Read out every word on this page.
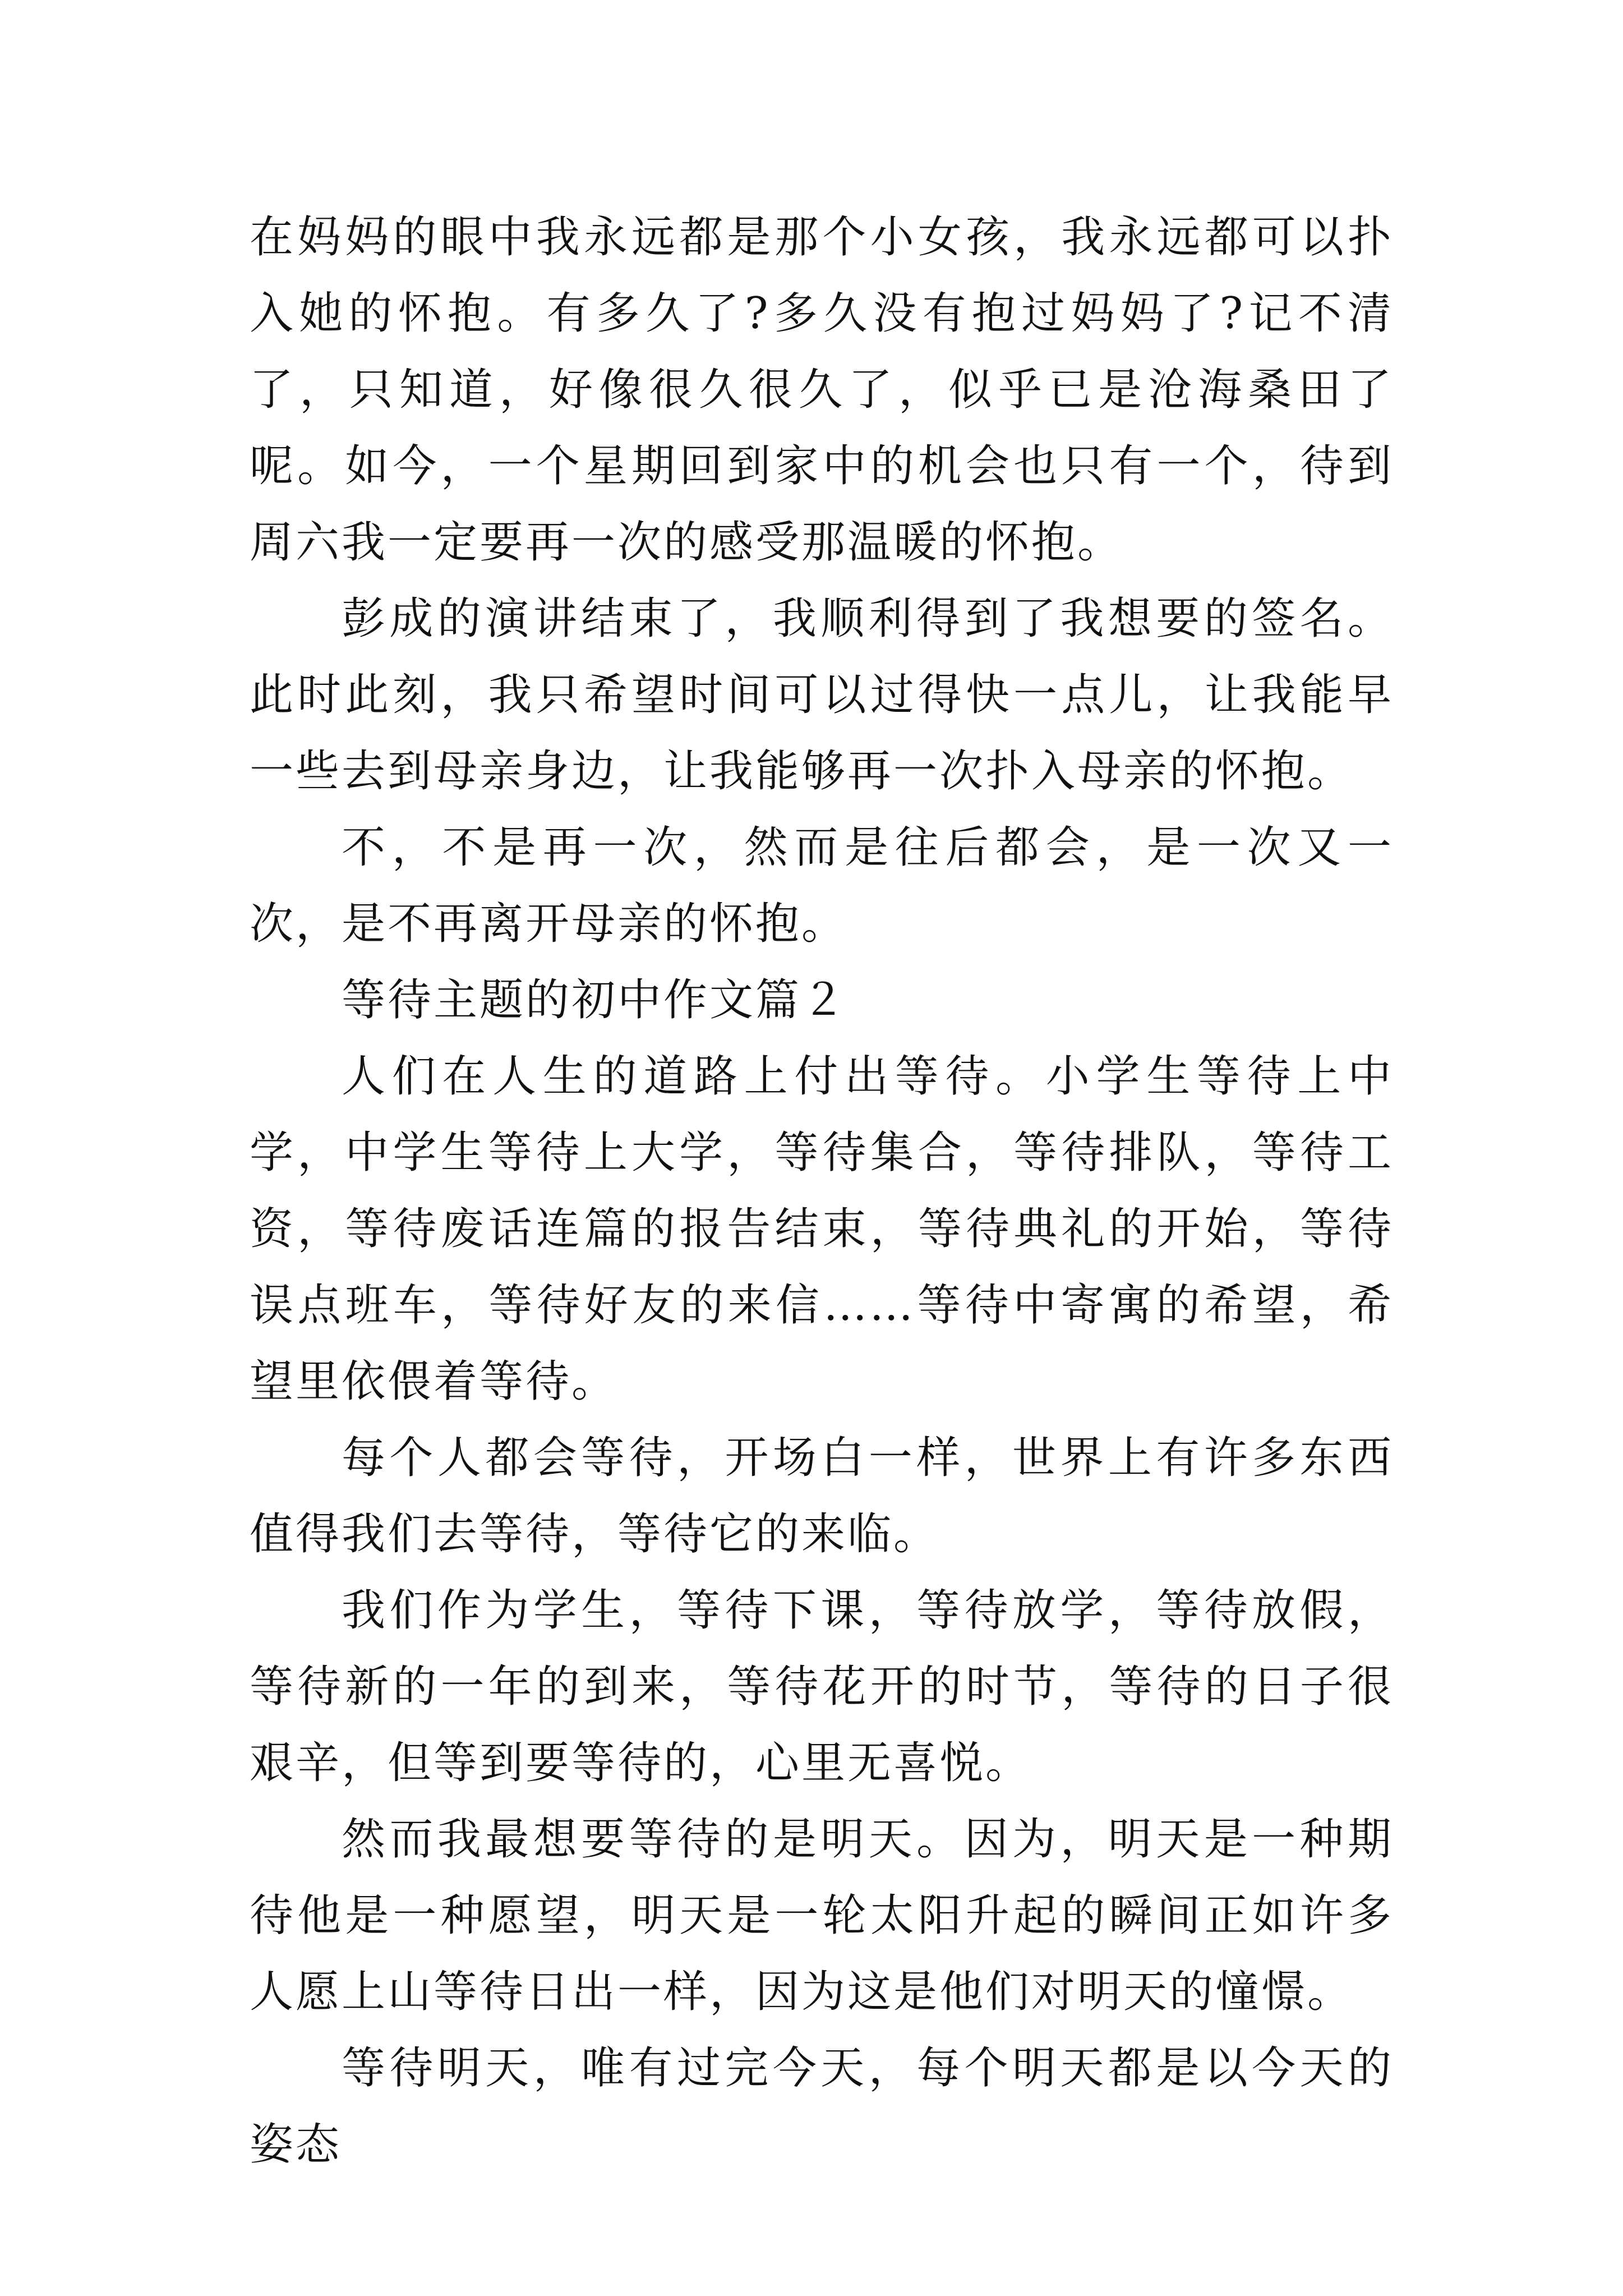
在妈妈的眼中我永远都是那个小女孩，我永远都可以扑入她的怀抱。有多久了?多久没有抱过妈妈了?记不清了，只知道，好像很久很久了，似乎已是沧海桑田了呢。如今，一个星期回到家中的机会也只有一个，待到周六我一定要再一次的感受那温暖的怀抱。

彭成的演讲结束了，我顺利得到了我想要的签名。此时此刻，我只希望时间可以过得快一点儿，让我能早一些去到母亲身边，让我能够再一次扑入母亲的怀抱。

不，不是再一次，然而是往后都会，是一次又一次，是不再离开母亲的怀抱。

等待主题的初中作文篇２

人们在人生的道路上付出等待。小学生等待上中学，中学生等待上大学，等待集合，等待排队，等待工资，等待废话连篇的报告结束，等待典礼的开始，等待误点班车，等待好友的来信……等待中寄寓的希望，希望里依偎着等待。

每个人都会等待，开场白一样，世界上有许多东西值得我们去等待，等待它的来临。

我们作为学生，等待下课，等待放学，等待放假，等待新的一年的到来，等待花开的时节，等待的日子很艰辛，但等到要等待的，心里无喜悦。

然而我最想要等待的是明天。因为，明天是一种期待他是一种愿望，明天是一轮太阳升起的瞬间正如许多人愿上山等待日出一样，因为这是他们对明天的憧憬。

等待明天，唯有过完今天，每个明天都是以今天的姿态
